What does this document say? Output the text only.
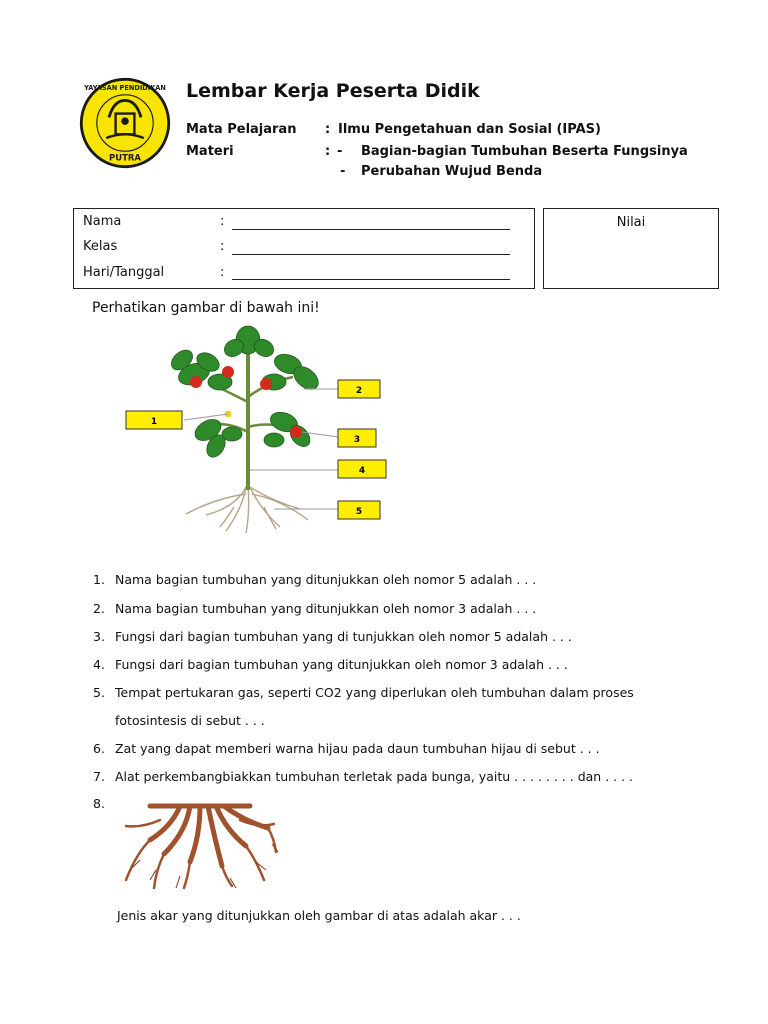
YAYASAN PENDIDIKAN
PUTRA
Lembar Kerja Peserta Didik
Mata Pelajaran : Ilmu Pengetahuan dan Sosial (IPAS)
Materi	: - Bagian-bagian Tumbuhan Beserta Fungsinya
- Perubahan Wujud Benda
Nama	:
Kelas	:
Hari/Tanggal	:
Nilai
Perhatikan gambar di bawah ini!
1
2
3
4
5
1. Nama bagian tumbuhan yang ditunjukkan oleh nomor 5 adalah . . .
2. Nama bagian tumbuhan yang ditunjukkan oleh nomor 3 adalah . . .
3. Fungsi dari bagian tumbuhan yang di tunjukkan oleh nomor 5 adalah . . .
4. Fungsi dari bagian tumbuhan yang ditunjukkan oleh nomor 3 adalah . . .
5. Tempat pertukaran gas, seperti CO2 yang diperlukan oleh tumbuhan dalam proses
fotosintesis di sebut . . .
6. Zat yang dapat memberi warna hijau pada daun tumbuhan hijau di sebut . . .
7. Alat perkembangbiakkan tumbuhan terletak pada bunga, yaitu . . . . . . . . dan . . . .
8.
Jenis akar yang ditunjukkan oleh gambar di atas adalah akar . . .
